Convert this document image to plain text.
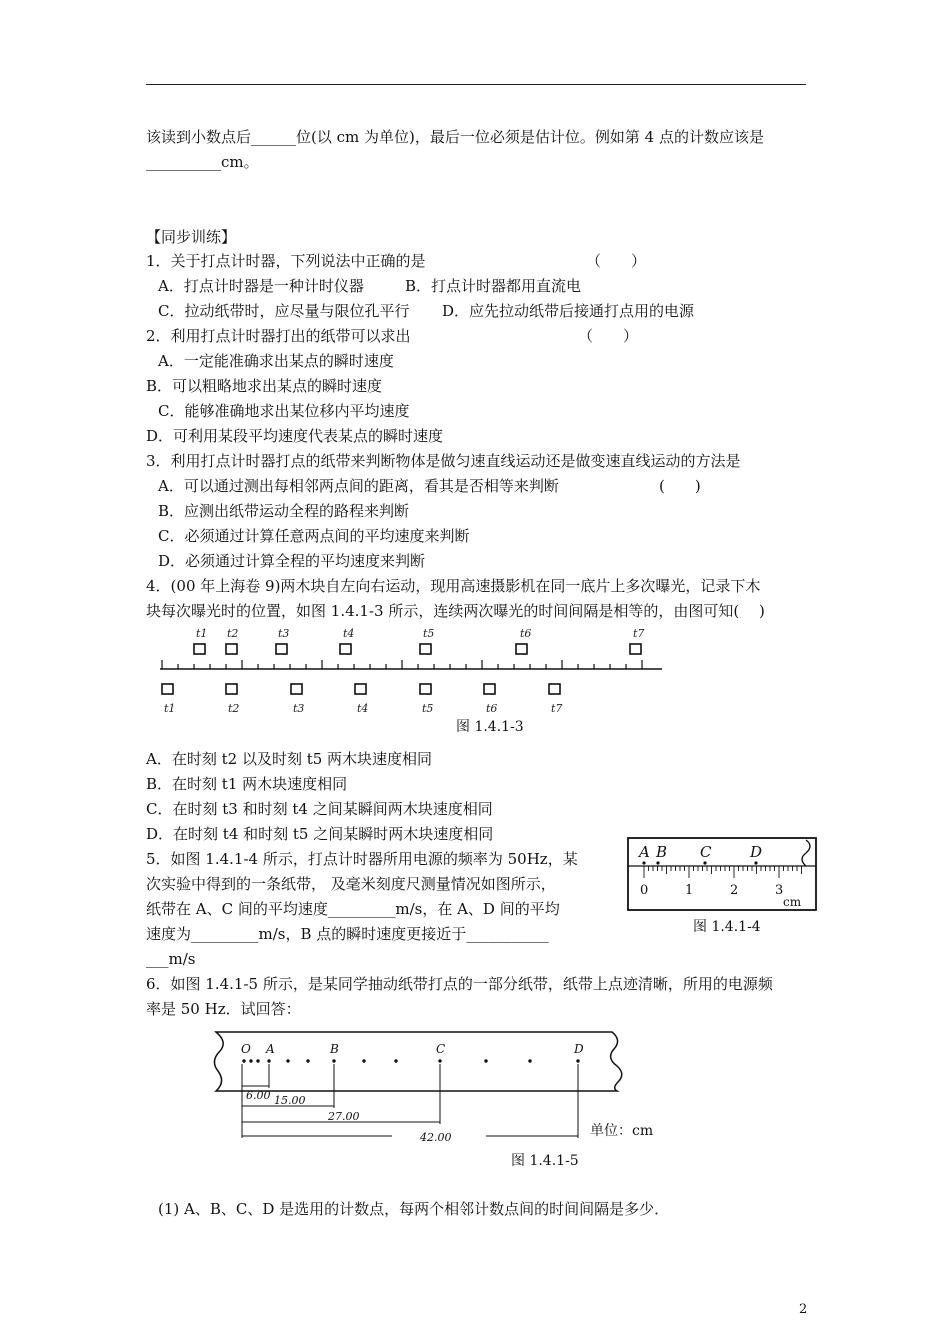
该读到小数点后______位(以 cm 为单位)，最后一位必须是估计位。例如第 4 点的计数应该是
__________cm。
【同步训练】
1．关于打点计时器，下列说法中正确的是	（　　）
A．打点计时器是一种计时仪器	B．打点计时器都用直流电
C．拉动纸带时，应尽量与限位孔平行 D．应先拉动纸带后接通打点用的电源
2．利用打点计时器打出的纸带可以求出	（　　）
A．一定能准确求出某点的瞬时速度
B．可以粗略地求出某点的瞬时速度
C．能够准确地求出某位移内平均速度
D．可利用某段平均速度代表某点的瞬时速度
3．利用打点计时器打点的纸带来判断物体是做匀速直线运动还是做变速直线运动的方法是
A．可以通过测出每相邻两点间的距离，看其是否相等来判断	(　　)
B．应测出纸带运动全程的路程来判断
C．必须通过计算任意两点间的平均速度来判断
D．必须通过计算全程的平均速度来判断
4．(00 年上海卷 9)两木块自左向右运动，现用高速摄影机在同一底片上多次曝光，记录下木
块每次曝光时的位置，如图 1.4.1-3 所示，连续两次曝光的时间间隔是相等的，由图可知(　 )
t1 t2	t3	t4	t5	t6	t7
t1	t2	t3	t4	t5	t6	t7
图 1.4.1-3
A．在时刻 t2 以及时刻 t5 两木块速度相同
B．在时刻 t1 两木块速度相同
C．在时刻 t3 和时刻 t4 之间某瞬间两木块速度相同
D．在时刻 t4 和时刻 t5 之间某瞬时两木块速度相同
5．如图 1.4.1-4 所示，打点计时器所用电源的频率为 50Hz，某
次实验中得到的一条纸带， 及毫米刻度尺测量情况如图所示，
纸带在 A、C 间的平均速度_________m/s，在 A、D 间的平均
速度为_________m/s，B 点的瞬时速度更接近于___________
___m/s
A B C	D
0	1	2	3
cm
图 1.4.1-4
6．如图 1.4.1-5 所示，是某同学抽动纸带打点的一部分纸带，纸带上点迹清晰，所用的电源频
率是 50 Hz．试回答：
O A	B	C	D
6.00 15.00
27.00
42.00	单位：cm
图 1.4.1-5
(1) A、B、C、D 是选用的计数点，每两个相邻计数点间的时间间隔是多少．
2
